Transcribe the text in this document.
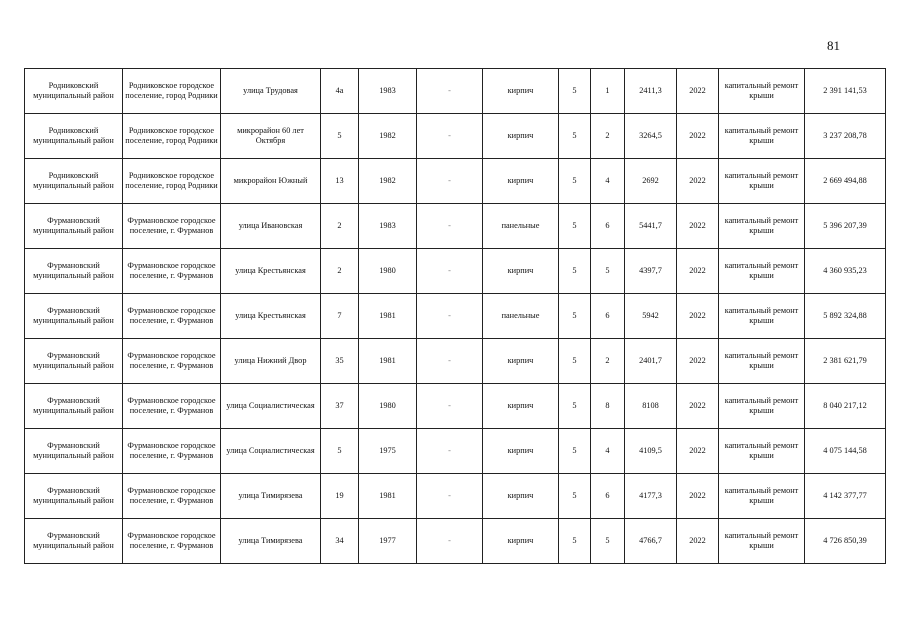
81
Родниковский муниципальный район	Родниковское городское поселение, город Родники	улица Трудовая	4а	1983	-	кирпич	5	1	2411,3	2022	капитальный ремонт крыши	2 391 141,53
Родниковский муниципальный район	Родниковское городское поселение, город Родники	микрорайон 60 лет Октября	5	1982	-	кирпич	5	2	3264,5	2022	капитальный ремонт крыши	3 237 208,78
Родниковский муниципальный район	Родниковское городское поселение, город Родники	микрорайон Южный	13	1982	-	кирпич	5	4	2692	2022	капитальный ремонт крыши	2 669 494,88
Фурмановский муниципальный район	Фурмановское городское поселение, г. Фурманов	улица Ивановская	2	1983	-	панельные	5	6	5441,7	2022	капитальный ремонт крыши	5 396 207,39
Фурмановский муниципальный район	Фурмановское городское поселение, г. Фурманов	улица Крестьянская	2	1980	-	кирпич	5	5	4397,7	2022	капитальный ремонт крыши	4 360 935,23
Фурмановский муниципальный район	Фурмановское городское поселение, г. Фурманов	улица Крестьянская	7	1981	-	панельные	5	6	5942	2022	капитальный ремонт крыши	5 892 324,88
Фурмановский муниципальный район	Фурмановское городское поселение, г. Фурманов	улица Нижний Двор	35	1981	-	кирпич	5	2	2401,7	2022	капитальный ремонт крыши	2 381 621,79
Фурмановский муниципальный район	Фурмановское городское поселение, г. Фурманов	улица Социалистическая	37	1980	-	кирпич	5	8	8108	2022	капитальный ремонт крыши	8 040 217,12
Фурмановский муниципальный район	Фурмановское городское поселение, г. Фурманов	улица Социалистическая	5	1975	-	кирпич	5	4	4109,5	2022	капитальный ремонт крыши	4 075 144,58
Фурмановский муниципальный район	Фурмановское городское поселение, г. Фурманов	улица Тимирязева	19	1981	-	кирпич	5	6	4177,3	2022	капитальный ремонт крыши	4 142 377,77
Фурмановский муниципальный район	Фурмановское городское поселение, г. Фурманов	улица Тимирязева	34	1977	-	кирпич	5	5	4766,7	2022	капитальный ремонт крыши	4 726 850,39
